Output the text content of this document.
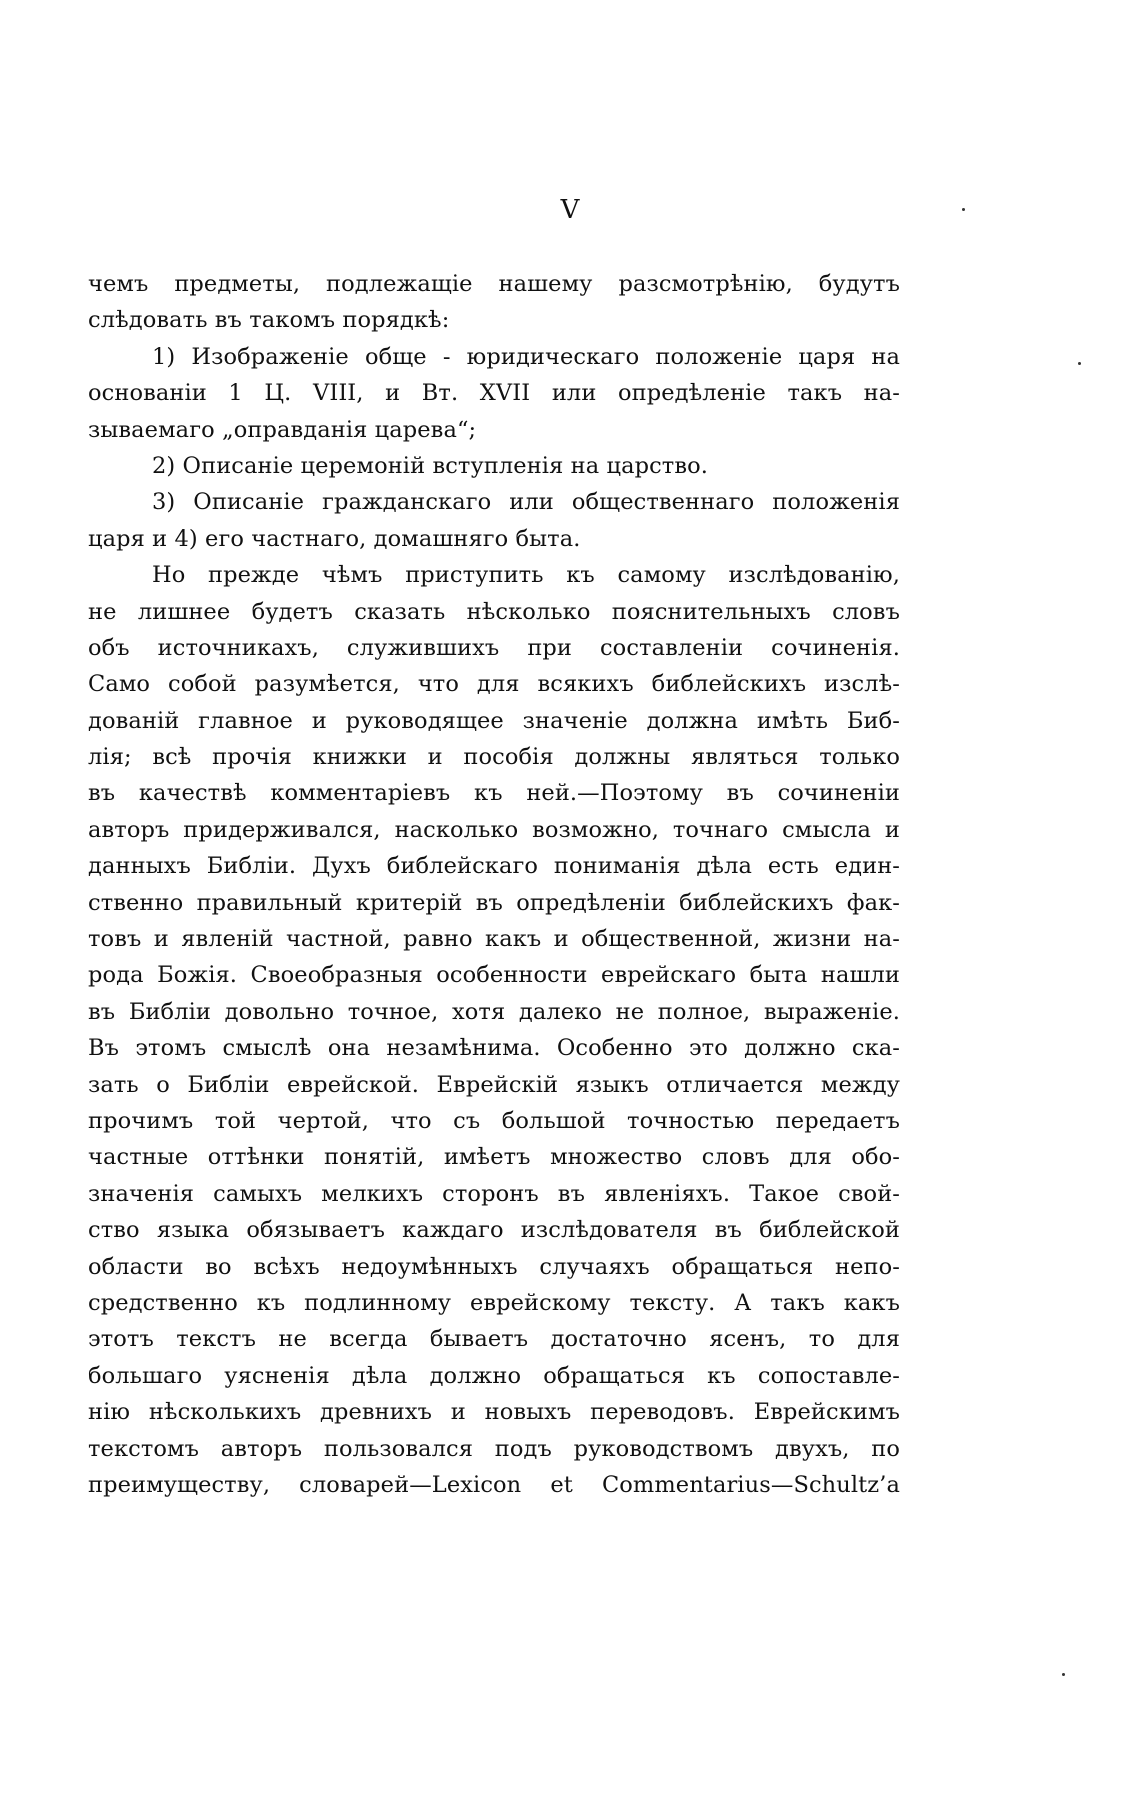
V
чемъ предметы, подлежащіе нашему разсмотрѣнію, будутъ
слѣдовать въ такомъ порядкѣ:
1) Изображеніе обще - юридическаго положеніе царя на
основаніи 1 Ц. VIII, и Вт. XVII или опредѣленіе такъ на-
зываемаго „оправданія царева“;
2) Описаніе церемоній вступленія на царство.
3) Описаніе гражданскаго или общественнаго положенія
царя и 4) его частнаго, домашняго быта.
Но прежде чѣмъ приступить къ самому изслѣдованію,
не лишнее будетъ сказать нѣсколько пояснительныхъ словъ
объ источникахъ, служившихъ при составленіи сочиненія.
Само собой разумѣется, что для всякихъ библейскихъ изслѣ-
дованій главное и руководящее значеніе должна имѣть Биб-
лія; всѣ прочія книжки и пособія должны являться только
въ качествѣ комментаріевъ къ ней.—Поэтому въ сочиненіи
авторъ придерживался, насколько возможно, точнаго смысла и
данныхъ Библіи. Духъ библейскаго пониманія дѣла есть един-
ственно правильный критерій въ опредѣленіи библейскихъ фак-
товъ и явленій частной, равно какъ и общественной, жизни на-
рода Божія. Своеобразныя особенности еврейскаго быта нашли
въ Библіи довольно точное, хотя далеко не полное, выраженіе.
Въ этомъ смыслѣ она незамѣнима. Особенно это должно ска-
зать о Библіи еврейской. Еврейскій языкъ отличается между
прочимъ той чертой, что съ большой точностью передаетъ
частные оттѣнки понятій, имѣетъ множество словъ для обо-
значенія самыхъ мелкихъ сторонъ въ явленіяхъ. Такое свой-
ство языка обязываетъ каждаго изслѣдователя въ библейской
области во всѣхъ недоумѣнныхъ случаяхъ обращаться непо-
средственно къ подлинному еврейскому тексту. А такъ какъ
этотъ текстъ не всегда бываетъ достаточно ясенъ, то для
большаго уясненія дѣла должно обращаться къ сопоставле-
нію нѣсколькихъ древнихъ и новыхъ переводовъ. Еврейскимъ
текстомъ авторъ пользовался подъ руководствомъ двухъ, по
преимуществу, словарей—Lexicon et Commentarius—Schultz’a
